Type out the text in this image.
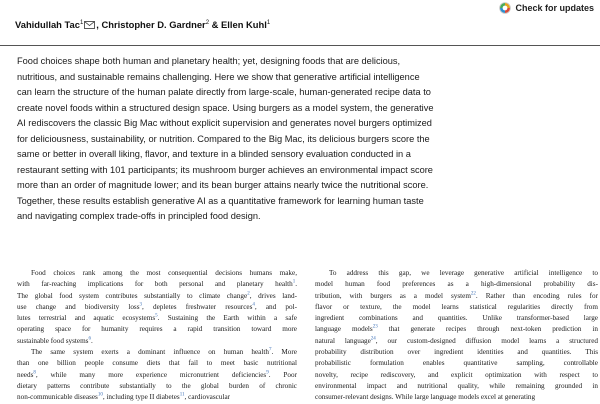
Check for updates
Vahidullah Tac$^1$ , Christopher D. Gardner$^2$ & Ellen Kuhl$^1$
Food choices shape both human and planetary health; yet, designing foods that are delicious,
nutritious, and sustainable remains challenging. Here we show that generative artificial intelligence
can learn the structure of the human palate directly from large-scale, human-generated recipe data to
create novel foods within a structured design space. Using burgers as a model system, the generative
AI rediscovers the classic Big Mac without explicit supervision and generates novel burgers optimized
for deliciousness, sustainability, or nutrition. Compared to the Big Mac, its delicious burgers score the
same or better in overall liking, flavor, and texture in a blinded sensory evaluation conducted in a
restaurant setting with 101 participants; its mushroom burger achieves an environmental impact score
more than an order of magnitude lower; and its bean burger attains nearly twice the nutritional score.
Together, these results establish generative AI as a quantitative framework for learning human taste
and navigating complex trade-offs in principled food design.
Food choices rank among the most consequential decisions humans make,
with far-reaching implications for both personal and planetary health$^1$.
The global food system contributes substantially to climate change$^2$, drives land-
use change and biodiversity loss$^3$, depletes freshwater resources$^4$, and pol-
lutes terrestrial and aquatic ecosystems$^5$. Sustaining the Earth within a safe
operating space for humanity requires a rapid transition toward more
sustainable food systems$^6$.
The same system exerts a dominant influence on human health$^7$. More
than one billion people consume diets that fail to meet basic nutritional
needs$^8$, while many more experience micronutrient deficiencies$^9$. Poor
dietary patterns contribute substantially to the global burden of chronic
non-communicable diseases$^{10}$, including type II diabetes$^{11}$, cardiovascular
To address this gap, we leverage generative artificial intelligence to
model human food preferences as a high-dimensional probability dis-
tribution, with burgers as a model system$^{22}$. Rather than encoding rules for
flavor or texture, the model learns statistical regularities directly from
ingredient combinations and quantities. Unlike transformer-based large
language models$^{23}$ that generate recipes through next-token prediction in
natural language$^{24}$, our custom-designed diffusion model learns a structured
probability distribution over ingredient identities and quantities. This
probabilistic formulation enables quantitative sampling, controllable
novelty, recipe rediscovery, and explicit optimization with respect to
environmental impact and nutritional quality, while remaining grounded in
consumer-relevant designs. While large language models excel at generating
